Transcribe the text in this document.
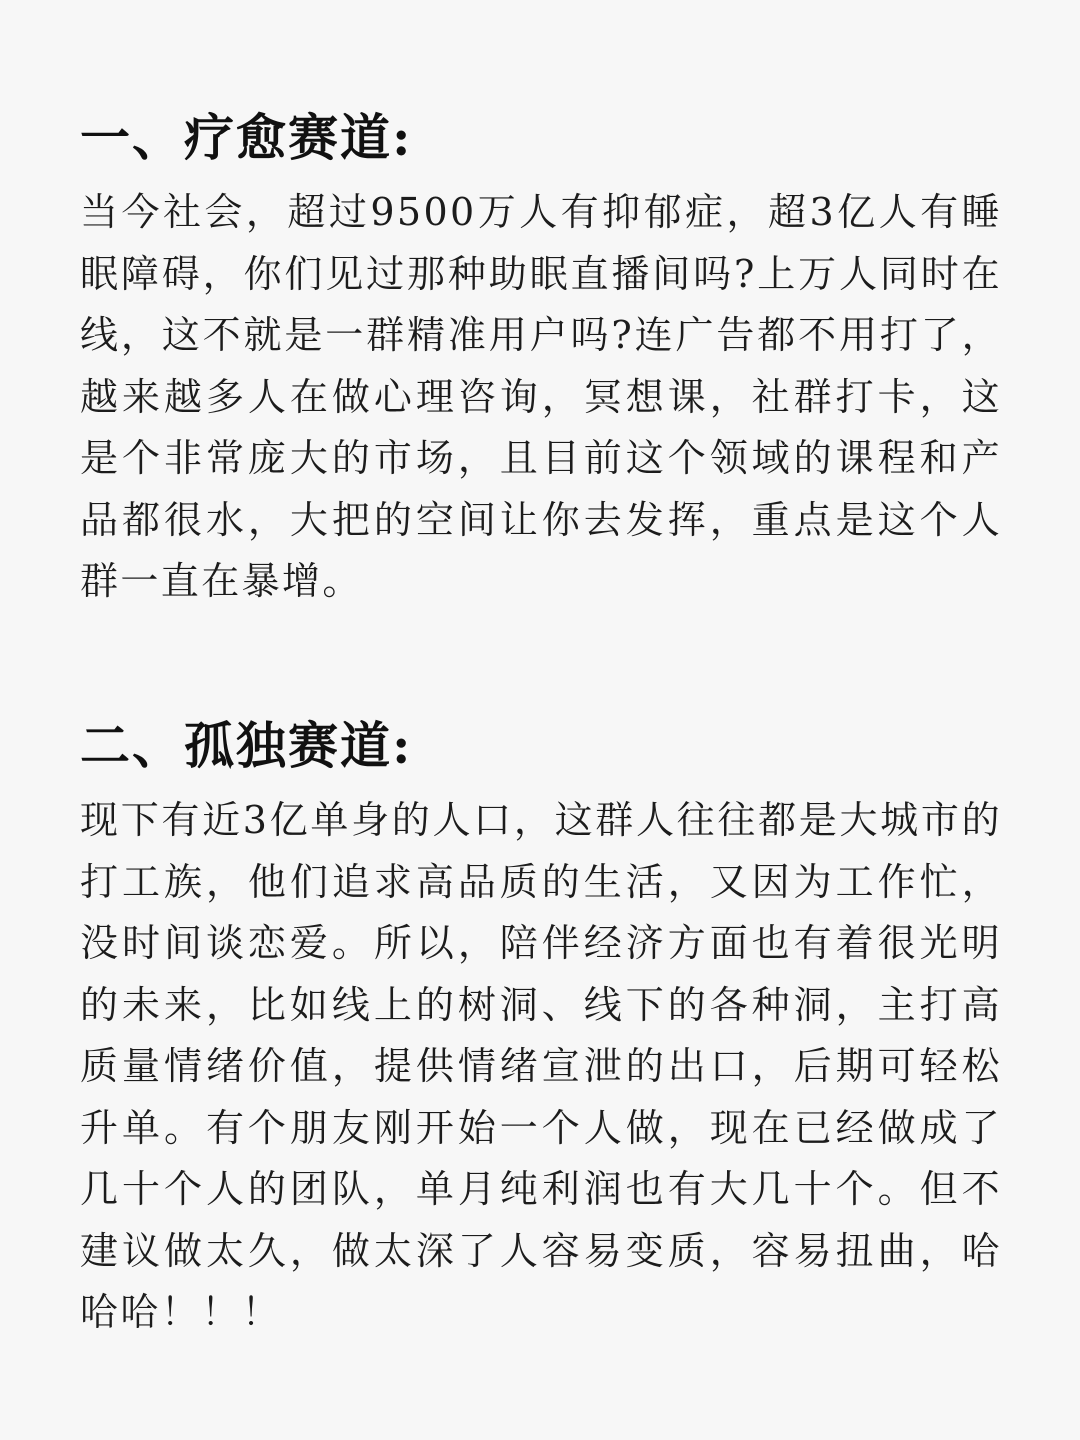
一、疗愈赛道:

当今社会，超过9500万人有抑郁症，超3亿人有睡眠障碍，你们见过那种助眠直播间吗?上万人同时在线，这不就是一群精准用户吗?连广告都不用打了，越来越多人在做心理咨询，冥想课，社群打卡，这是个非常庞大的市场，且目前这个领域的课程和产品都很水，大把的空间让你去发挥，重点是这个人群一直在暴增。

二、孤独赛道:

现下有近3亿单身的人口，这群人往往都是大城市的打工族，他们追求高品质的生活，又因为工作忙，没时间谈恋爱。所以，陪伴经济方面也有着很光明的未来，比如线上的树洞、线下的各种洞，主打高质量情绪价值，提供情绪宣泄的出口，后期可轻松升单。有个朋友刚开始一个人做，现在已经做成了几十个人的团队，单月纯利润也有大几十个。但不建议做太久，做太深了人容易变质，容易扭曲，哈哈哈！！！
